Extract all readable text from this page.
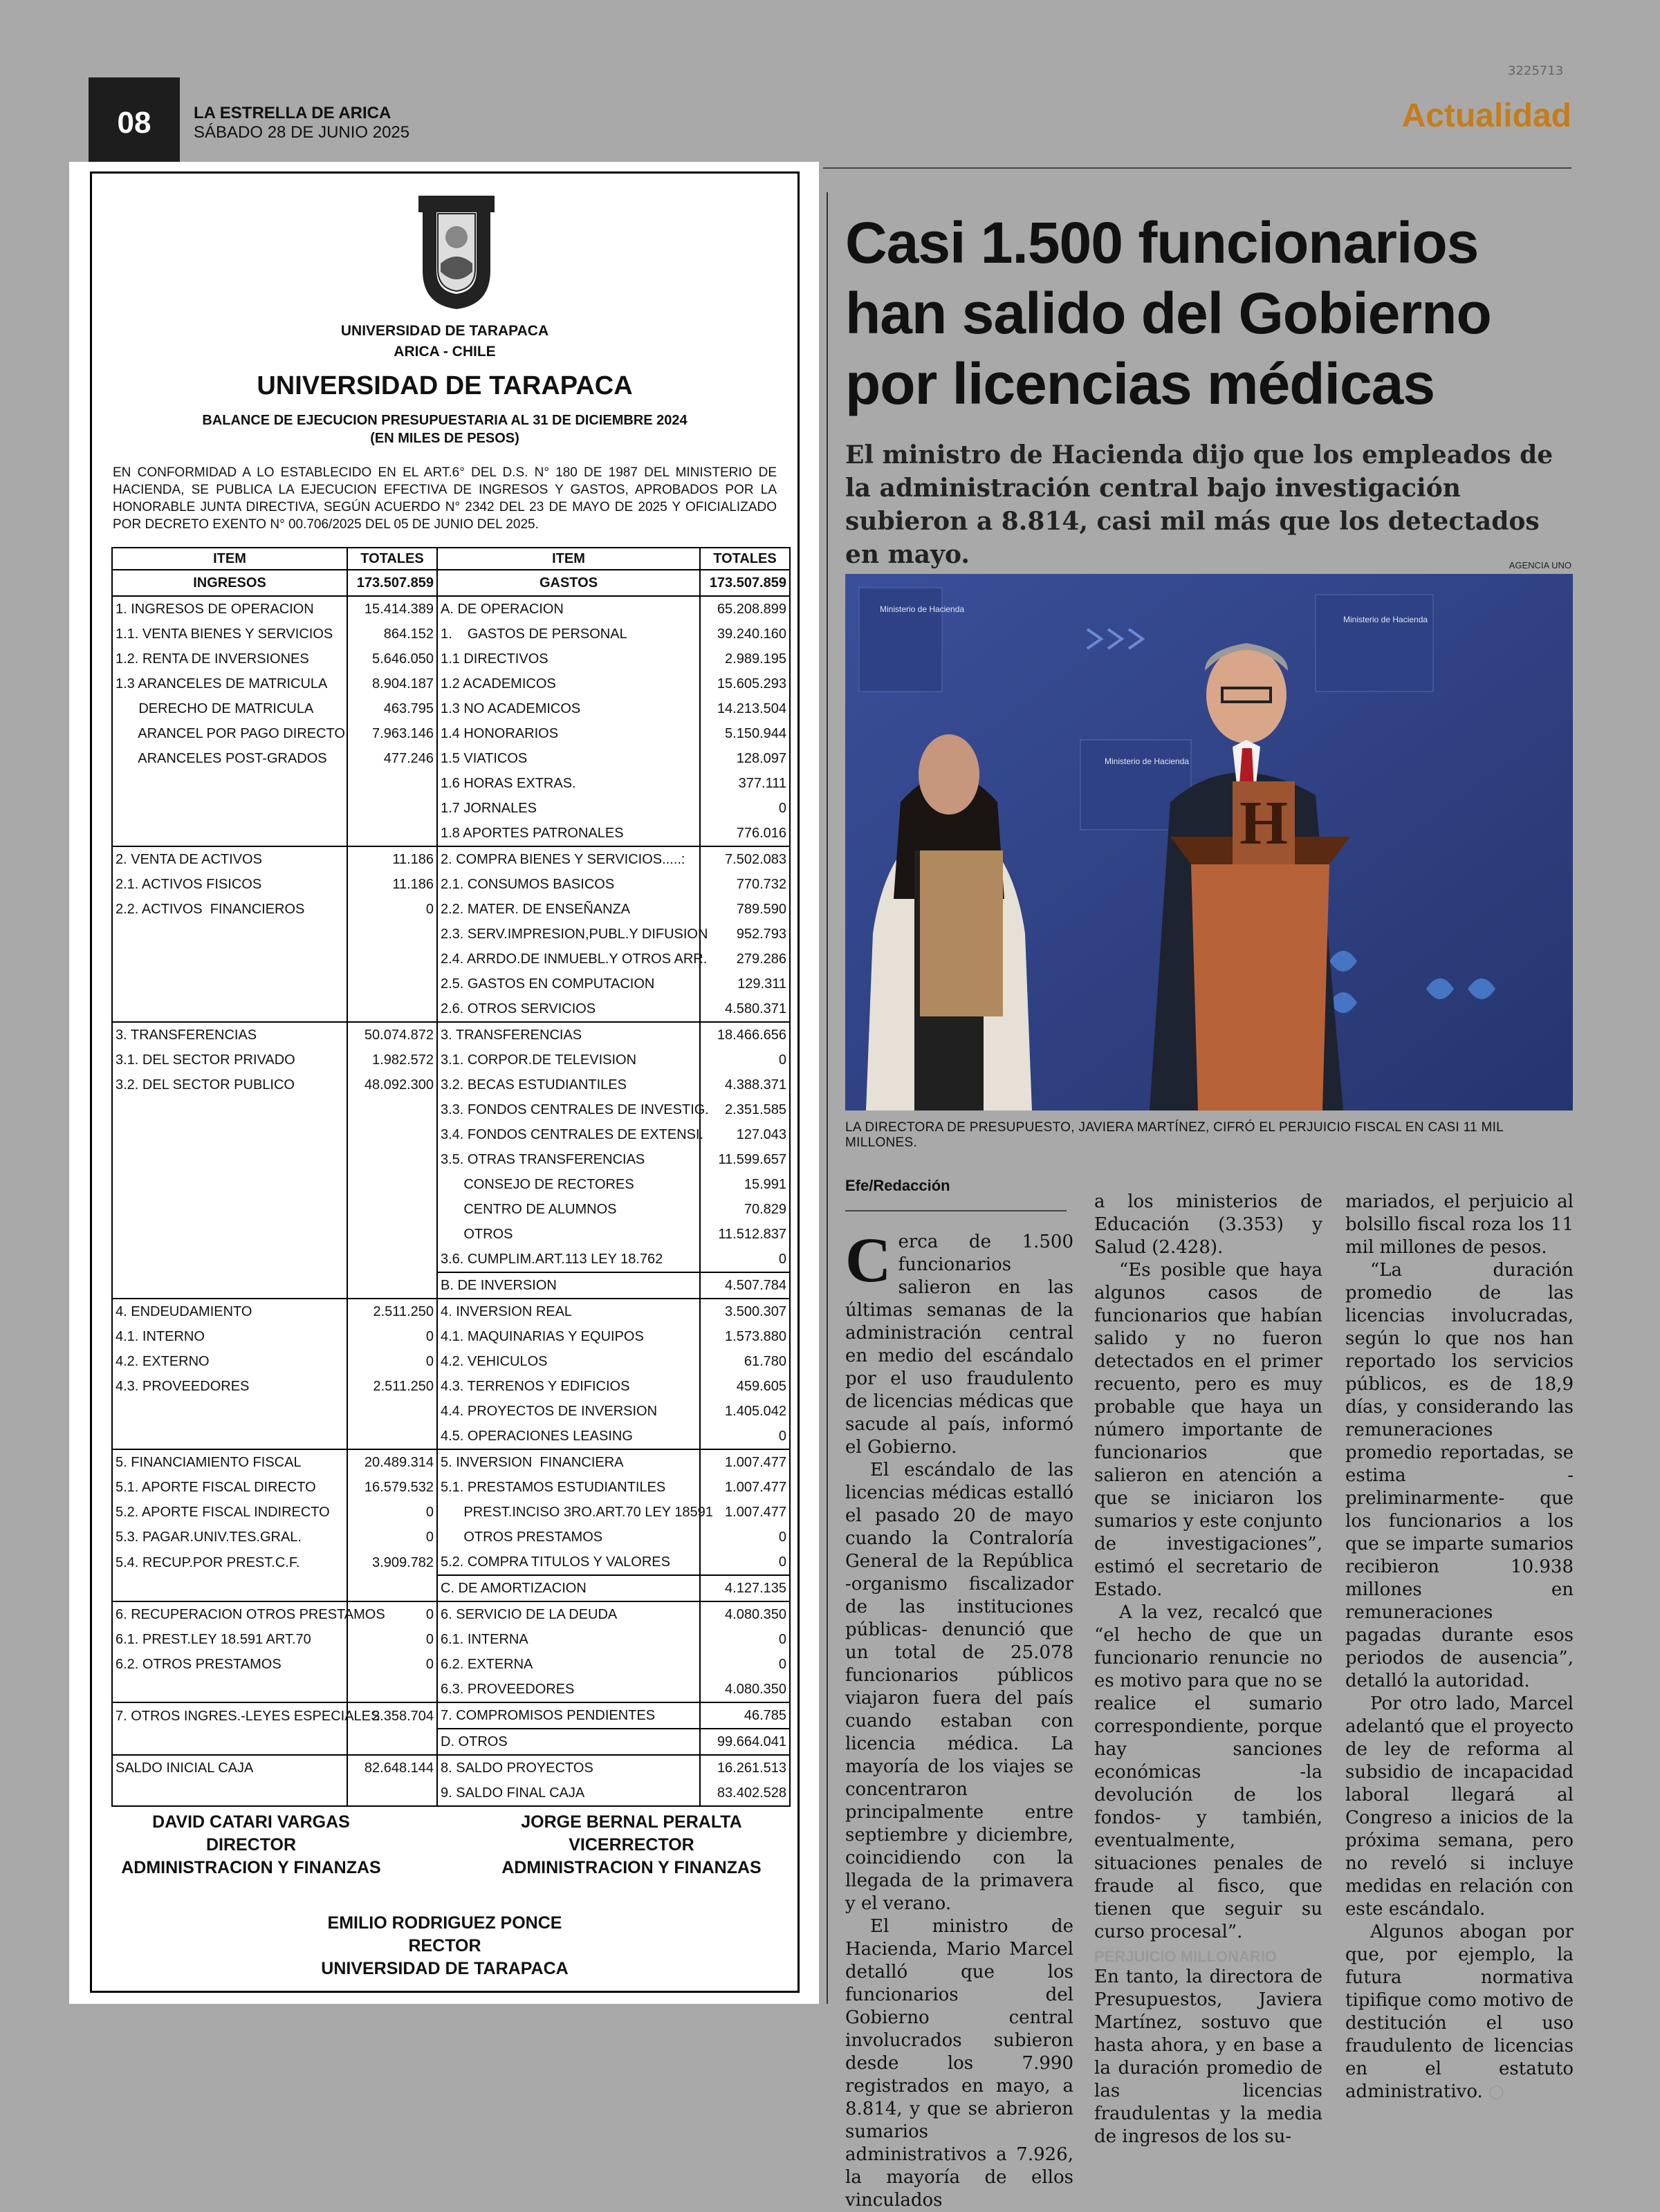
08	LA ESTRELLA DE ARICA
SÁBADO 28 DE JUNIO 2025
3225713
Actualidad
UNIVERSIDAD DE TARAPACA
ARICA - CHILE
UNIVERSIDAD DE TARAPACA
BALANCE DE EJECUCION PRESUPUESTARIA AL 31 DE DICIEMBRE 2024
(EN MILES DE PESOS)
EN CONFORMIDAD A LO ESTABLECIDO EN EL ART.6° DEL D.S. N° 180 DE 1987 DEL MINISTERIO DE HACIENDA, SE PUBLICA LA EJECUCION EFECTIVA DE INGRESOS Y GASTOS, APROBADOS POR LA HONORABLE JUNTA DIRECTIVA, SEGÚN ACUERDO N° 2342 DEL 23 DE MAYO DE 2025 Y OFICIALIZADO POR DECRETO EXENTO N° 00.706/2025 DEL 05 DE JUNIO DEL 2025.
ITEM	TOTALES	ITEM	TOTALES
INGRESOS	173.507.859	GASTOS	173.507.859
1. INGRESOS DE OPERACION	15.414.389	A. DE OPERACION	65.208.899
1.1. VENTA BIENES Y SERVICIOS	864.152	1.    GASTOS DE PERSONAL	39.240.160
1.2. RENTA DE INVERSIONES	5.646.050	1.1 DIRECTIVOS	2.989.195
1.3 ARANCELES DE MATRICULA	8.904.187	1.2 ACADEMICOS	15.605.293
DERECHO DE MATRICULA	463.795	1.3 NO ACADEMICOS	14.213.504
ARANCEL POR PAGO DIRECTO	7.963.146	1.4 HONORARIOS	5.150.944
ARANCELES POST-GRADOS	477.246	1.5 VIATICOS	128.097
		1.6 HORAS EXTRAS.	377.111
		1.7 JORNALES	0
		1.8 APORTES PATRONALES	776.016
2. VENTA DE ACTIVOS	11.186	2. COMPRA BIENES Y SERVICIOS.....:	7.502.083
2.1. ACTIVOS FISICOS	11.186	2.1. CONSUMOS BASICOS	770.732
2.2. ACTIVOS  FINANCIEROS	0	2.2. MATER. DE ENSEÑANZA	789.590
		2.3. SERV.IMPRESION,PUBL.Y DIFUSION	952.793
		2.4. ARRDO.DE INMUEBL.Y OTROS ARR.	279.286
		2.5. GASTOS EN COMPUTACION	129.311
		2.6. OTROS SERVICIOS	4.580.371
3. TRANSFERENCIAS	50.074.872	3. TRANSFERENCIAS	18.466.656
3.1. DEL SECTOR PRIVADO	1.982.572	3.1. CORPOR.DE TELEVISION	0
3.2. DEL SECTOR PUBLICO	48.092.300	3.2. BECAS ESTUDIANTILES	4.388.371
		3.3. FONDOS CENTRALES DE INVESTIG.	2.351.585
		3.4. FONDOS CENTRALES DE EXTENSI.	127.043
		3.5. OTRAS TRANSFERENCIAS	11.599.657
		CONSEJO DE RECTORES	15.991
		CENTRO DE ALUMNOS	70.829
		OTROS	11.512.837
		3.6. CUMPLIM.ART.113 LEY 18.762	0
		B. DE INVERSION	4.507.784
4. ENDEUDAMIENTO	2.511.250	4. INVERSION REAL	3.500.307
4.1. INTERNO	0	4.1. MAQUINARIAS Y EQUIPOS	1.573.880
4.2. EXTERNO	0	4.2. VEHICULOS	61.780
4.3. PROVEEDORES	2.511.250	4.3. TERRENOS Y EDIFICIOS	459.605
		4.4. PROYECTOS DE INVERSION	1.405.042
		4.5. OPERACIONES LEASING	0
5. FINANCIAMIENTO FISCAL	20.489.314	5. INVERSION  FINANCIERA	1.007.477
5.1. APORTE FISCAL DIRECTO	16.579.532	5.1. PRESTAMOS ESTUDIANTILES	1.007.477
5.2. APORTE FISCAL INDIRECTO	0	PREST.INCISO 3RO.ART.70 LEY 18591	1.007.477
5.3. PAGAR.UNIV.TES.GRAL.	0	OTROS PRESTAMOS	0
5.4. RECUP.POR PREST.C.F.	3.909.782	5.2. COMPRA TITULOS Y VALORES	0
		C. DE AMORTIZACION	4.127.135
6. RECUPERACION OTROS PRESTAMOS	0	6. SERVICIO DE LA DEUDA	4.080.350
6.1. PREST.LEY 18.591 ART.70	0	6.1. INTERNA	0
6.2. OTROS PRESTAMOS	0	6.2. EXTERNA	0
		6.3. PROVEEDORES	4.080.350
7. OTROS INGRES.-LEYES ESPECIALES	2.358.704	7. COMPROMISOS PENDIENTES	46.785
		D. OTROS	99.664.041
SALDO INICIAL CAJA	82.648.144	8. SALDO PROYECTOS	16.261.513
		9. SALDO FINAL CAJA	83.402.528
DAVID CATARI VARGAS
DIRECTOR
ADMINISTRACION Y FINANZAS
JORGE BERNAL PERALTA
VICERRECTOR
ADMINISTRACION Y FINANZAS
EMILIO RODRIGUEZ PONCE
RECTOR
UNIVERSIDAD DE TARAPACA
Casi 1.500 funcionarios han salido del Gobierno por licencias médicas
El ministro de Hacienda dijo que los empleados de la administración central bajo investigación subieron a 8.814, casi mil más que los detectados en mayo.	AGENCIA UNO
Ministerio de Hacienda
Ministerio de Hacienda
Ministerio de Hacienda
H
LA DIRECTORA DE PRESUPUESTO, JAVIERA MARTÍNEZ, CIFRÓ EL PERJUICIO FISCAL EN CASI 11 MIL MILLONES.
Efe/Redacción

Cerca de 1.500 funcionarios salieron en las últimas semanas de la administración central en medio del escándalo por el uso fraudulento de licencias médicas que sacude al país, informó el Gobierno.

El escándalo de las licencias médicas estalló el pasado 20 de mayo cuando la Contraloría General de la República -organismo fiscalizador de las instituciones públicas- denunció que un total de 25.078 funcionarios públicos viajaron fuera del país cuando estaban con licencia médica. La mayoría de los viajes se concentraron principalmente entre septiembre y diciembre, coincidiendo con la llegada de la primavera y el verano.

El ministro de Hacienda, Mario Marcel detalló que los funcionarios del Gobierno central involucrados subieron desde los 7.990 registrados en mayo, a 8.814, y que se abrieron sumarios administrativos a 7.926, la mayoría de ellos vinculados

a los ministerios de Educación (3.353) y Salud (2.428).

“Es posible que haya algunos casos de funcionarios que habían salido y no fueron detectados en el primer recuento, pero es muy probable que haya un número importante de funcionarios que salieron en atención a que se iniciaron los sumarios y este conjunto de investigaciones”, estimó el secretario de Estado.

A la vez, recalcó que “el hecho de que un funcionario renuncie no es motivo para que no se realice el sumario correspondiente, porque hay sanciones económicas -la devolución de los fondos- y también, eventualmente, situaciones penales de fraude al fisco, que tienen que seguir su curso procesal”.

PERJUICIO MILLONARIO

En tanto, la directora de Presupuestos, Javiera Martínez, sostuvo que hasta ahora, y en base a la duración promedio de las licencias fraudulentas y la media de ingresos de los su-

mariados, el perjuicio al bolsillo fiscal roza los 11 mil millones de pesos.

“La duración promedio de las licencias involucradas, según lo que nos han reportado los servicios públicos, es de 18,9 días, y considerando las remuneraciones promedio reportadas, se estima -preliminarmente- que los funcionarios a los que se imparte sumarios recibieron 10.938 millones en remuneraciones pagadas durante esos periodos de ausencia”, detalló la autoridad.

Por otro lado, Marcel adelantó que el proyecto de ley de reforma al subsidio de incapacidad laboral llegará al Congreso a inicios de la próxima semana, pero no reveló si incluye medidas en relación con este escándalo.

Algunos abogan por que, por ejemplo, la futura normativa tipifique como motivo de destitución el uso fraudulento de licencias en el estatuto administrativo. ○
